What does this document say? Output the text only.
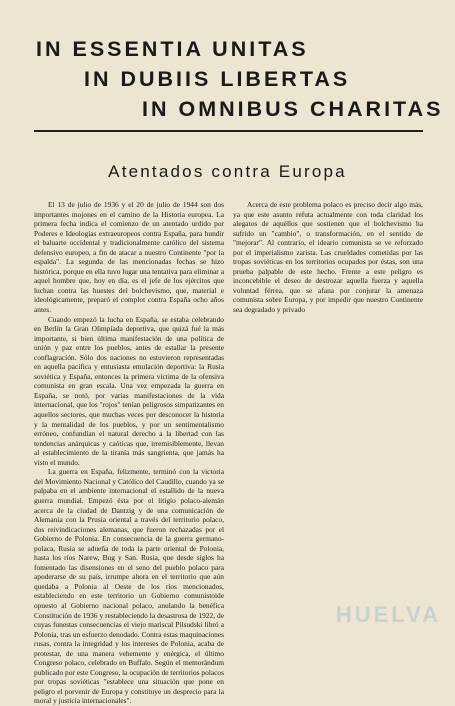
IN ESSENTIA UNITAS
IN DUBIIS LIBERTAS
IN OMNIBUS CHARITAS
Atentados contra Europa

El 13 de julio de 1936 y el 20 de julio de 1944 son dos importantes mojones en el camino de la Historia europea. La primera fecha indica el comienzo de un atentado urdido por Poderes e Ideologías extraeuropeos contra España, para hundir el baluarte occidental y tradicionalmente católico del sistema defensivo europeo, a fin de atacar a nuestro Continente "por la espalda". La segunda de las mencionadas fechas se hizo histórica, porque en ella tuvo lugar una tentativa para eliminar a aquel hombre que, hoy en día, es el jefe de los ejércitos que luchan contra las huestes del bolchevismo, que, material e ideológicamente, preparó el complot contra España ocho años antes.

Cuando empezó la lucha en España, se estaba celebrando en Berlín la Gran Olimpíada deportiva, que quizá fué la más importante, si bien última manifestación de una política de unión y paz entre los pueblos, antes de estallar la presente conflagración. Sólo dos naciones no estuvieron representadas en aquella pacífica y entusiasta emulación deportiva: la Rusia soviética y España, entonces la primera víctima de la ofensiva comunista en gran escala. Una vez empezada la guerra en España, se notó, por varias manifestaciones de la vida internacional, que los "rojos" tenían peligrosos simpatizantes en aquellos sectores, que muchas veces por desconocer la historia y la mentalidad de los pueblos, y por un sentimentalismo erróneo, confundían el natural derecho a la libertad con las tendencias anárquicas y caóticas que, irremisiblemente, llevan al establecimiento de la tiranía más sangrienta, que jamás ha visto el mundo.

La guerra en España, felizmente, terminó con la victoria del Movimiento Nacional y Católico del Caudillo, cuando ya se palpaba en el ambiente internacional el estallido de la nueva guerra mundial. Empezó ésta por el litigio polaco-alemán acerca de la ciudad de Dantzig y de una comunicación de Alemania con la Prusia oriental a través del territorio polaco, dos reivindicaciones alemanas, que fueron rechazadas por el Gobierno de Polonia. En consecuencia de la guerra germano-polaca, Rusia se adueña de toda la parte oriental de Polonia, hasta los ríos Narew, Bug y San. Rusia, que desde siglos ha fomentado las disensiones en el seno del pueblo polaco para apoderarse de su país, irrumpe ahora en el territorio que aún quedaba a Polonia al Oeste de los ríos mencionados, estableciendo en este territorio un Gobierno comunistoide opuesto al Gobierno nacional polaco, anulando la benéfica Constitución de 1936 y restableciendo la desastrosa de 1922, de cuyas funestas consecuencias el viejo mariscal Pilsudski libró a Polonia, tras un esfuerzo denodado. Contra estas maquinaciones rusas, contra la integridad y los intereses de Polonia, acaba de protestar, de una manera vehemente y enérgica, el último Congreso polaco, celebrado en Buffalo. Según el memorándum publicado por este Congreso, la ocupación de territorios polacos por tropas soviéticas "establece una situación que pone en peligro el porvenir de Europa y constituye un desprecio para la moral y justicia internacionales".

Acerca de este problema polaco es preciso decir algo más, ya que este asunto refuta actualmente con toda claridad los alegatos de aquéllos que sostienen que el bolchevismo ha sufrido un "cambio", o transformación, en el sentido de "mejorar". Al contrario, el ideario comunista se ve reforzado por el imperialismo zarista. Las crueldades cometidas por las tropas soviéticas en los territorios ocupados por éstas, son una prueba palpable de este hecho. Frente a este peligro es inconcebible el deseo de destrozar aquella fuerza y aquella voluntad férrea, que se afana por conjurar la amenaza comunista sobre Europa, y por impedir que nuestro Continente sea degradado y privado

HUELVA
